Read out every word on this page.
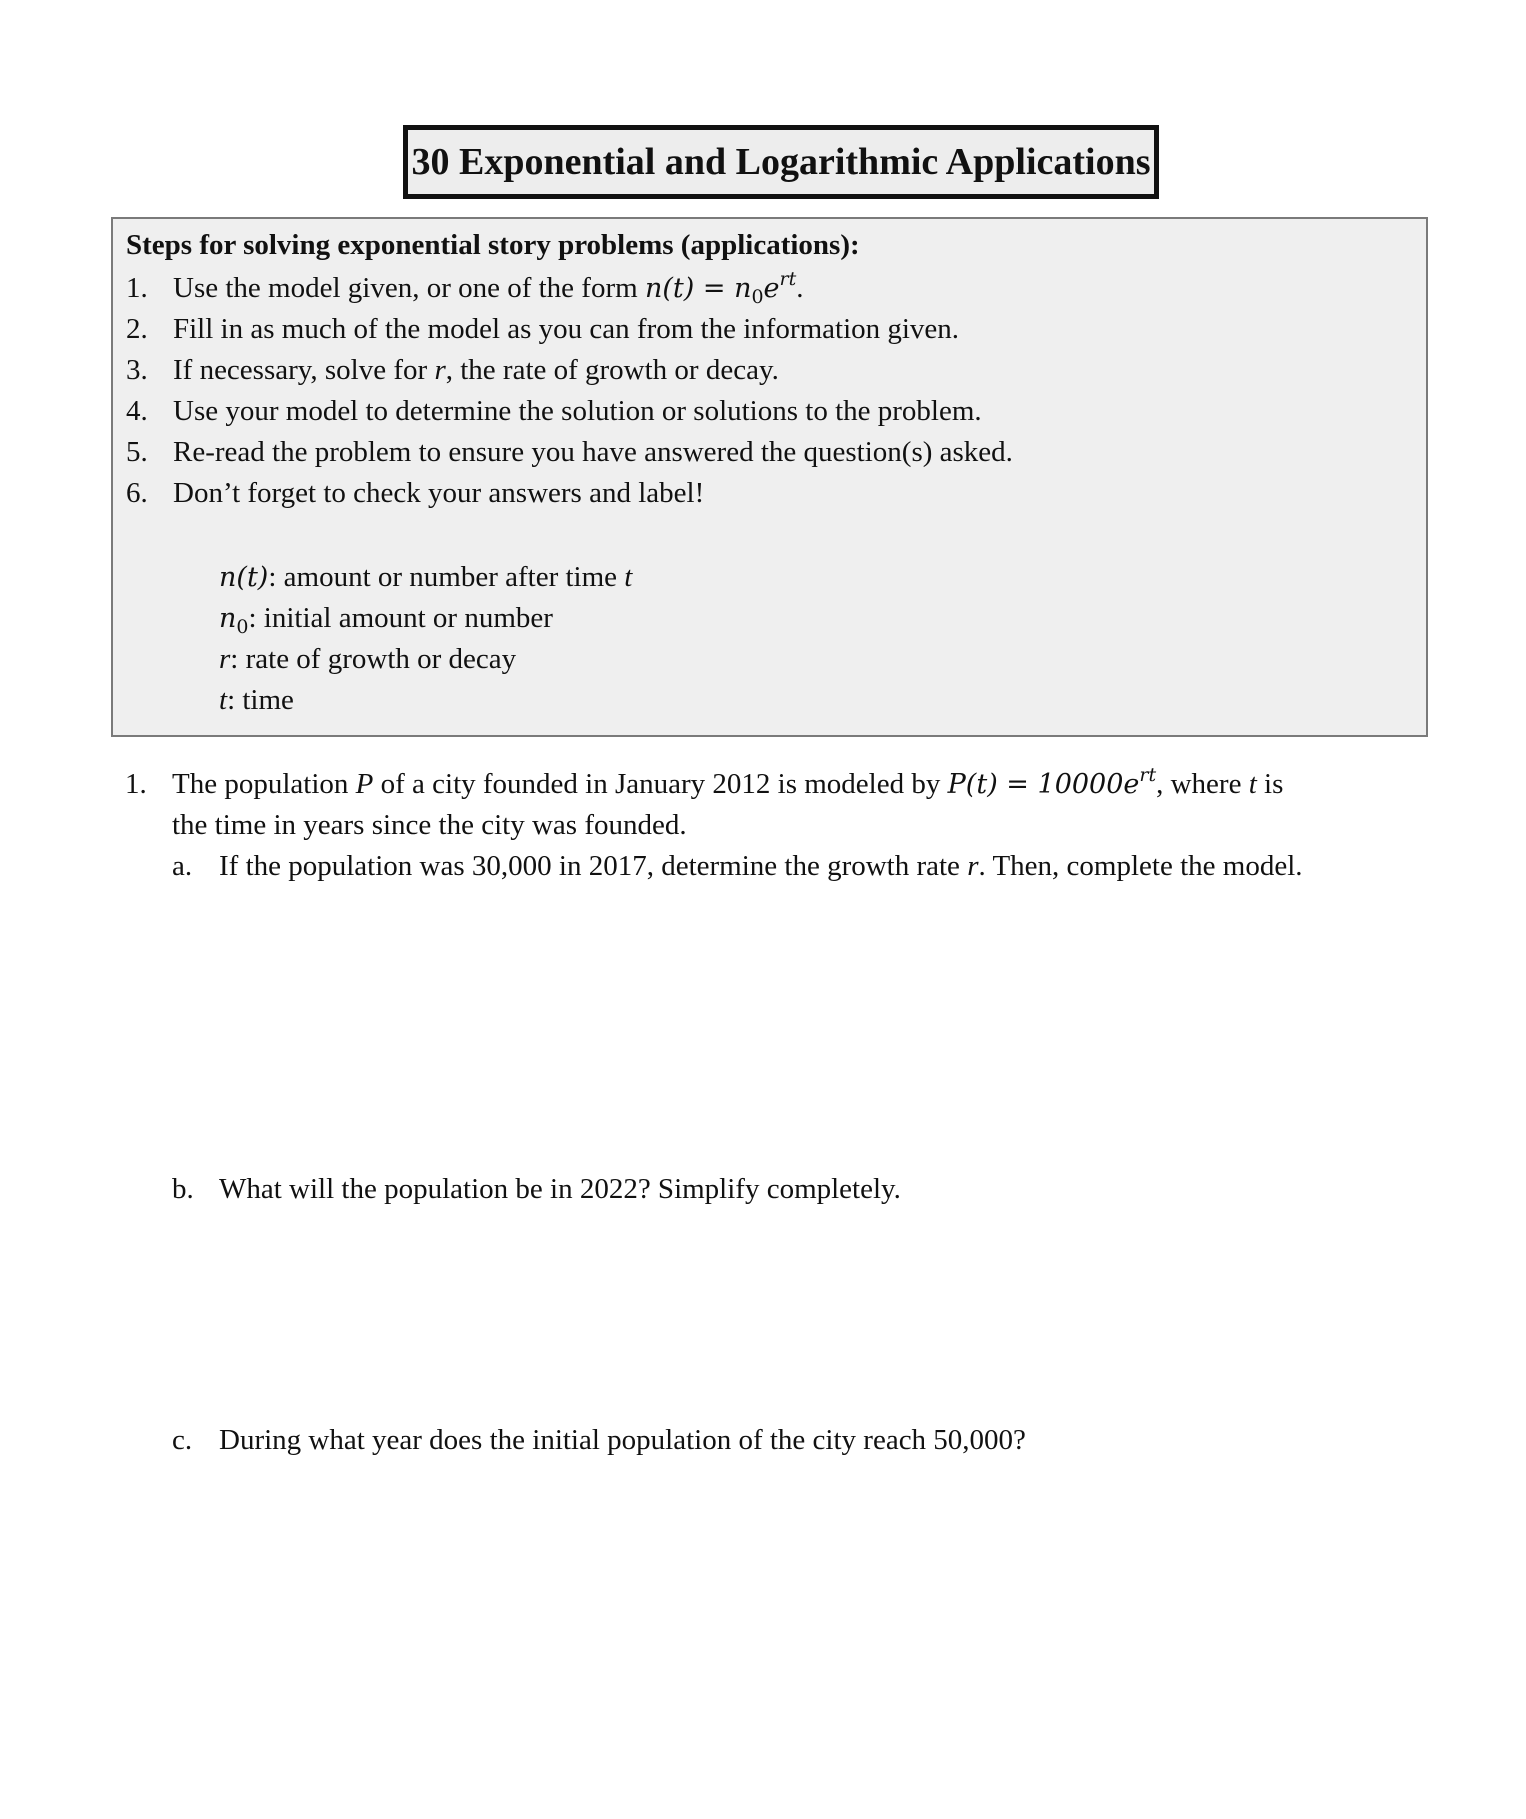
30 Exponential and Logarithmic Applications
Steps for solving exponential story problems (applications):
1. Use the model given, or one of the form $n(t) = n_0e^{rt}$.
2. Fill in as much of the model as you can from the information given.
3. If necessary, solve for r, the rate of growth or decay.
4. Use your model to determine the solution or solutions to the problem.
5. Re-read the problem to ensure you have answered the question(s) asked.
6. Don’t forget to check your answers and label!
n(t): amount or number after time t
$n_0$: initial amount or number
r: rate of growth or decay
t: time
1. The population P of a city founded in January 2012 is modeled by $P(t) = 10000e^{rt}$, where t is
the time in years since the city was founded.
a. If the population was 30,000 in 2017, determine the growth rate r. Then, complete the model.
b. What will the population be in 2022? Simplify completely.
c. During what year does the initial population of the city reach 50,000?
